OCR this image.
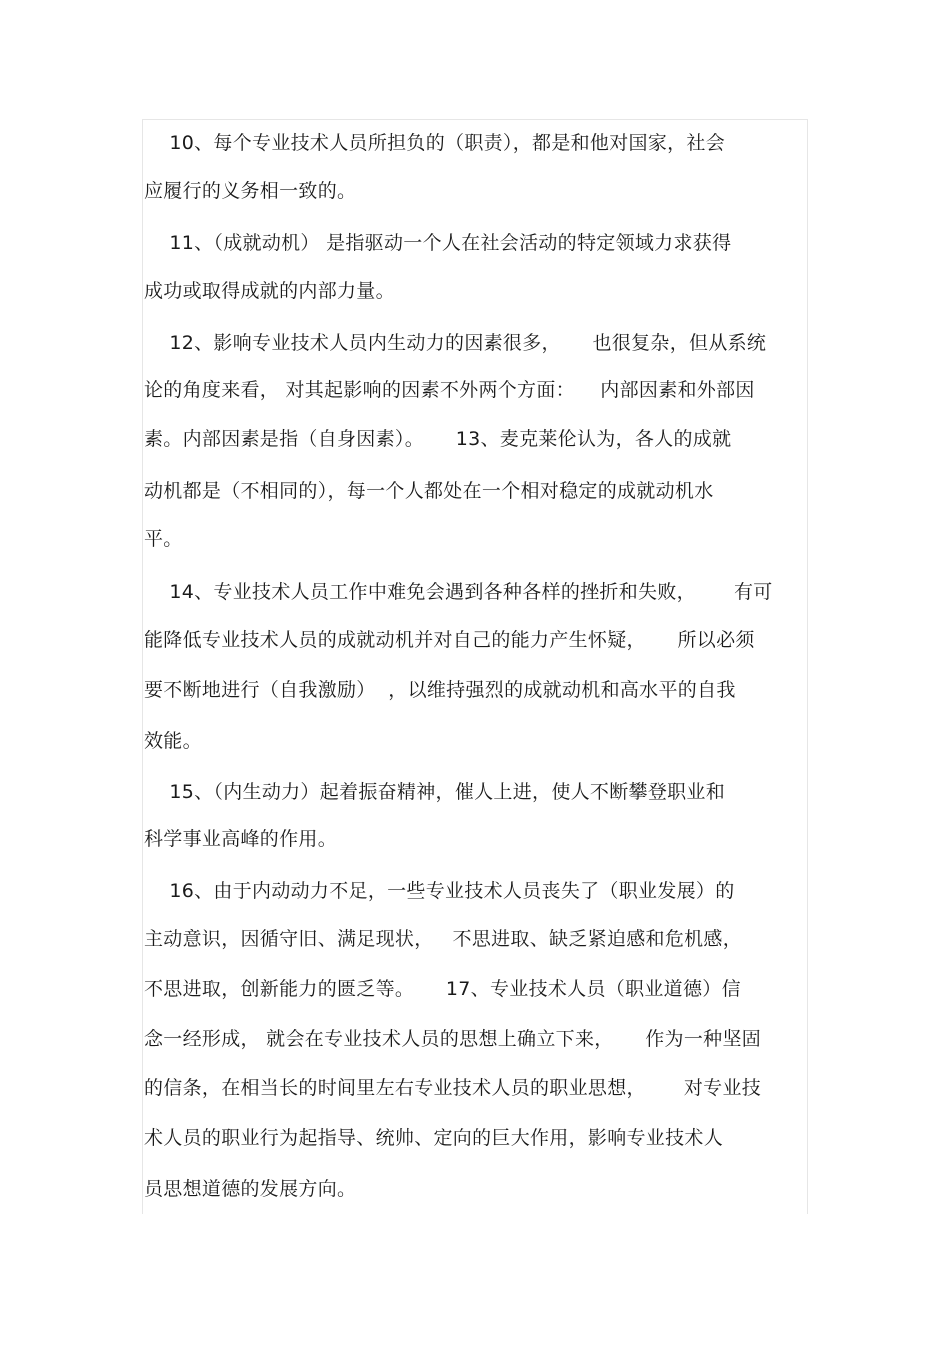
10、每个专业技术人员所担负的（职责），都是和他对国家，社会
应履行的义务相一致的。
11、（成就动机） 是指驱动一个人在社会活动的特定领域力求获得
成功或取得成就的内部力量。
12、影响专业技术人员内生动力的因素很多，     也很复杂，但从系统
论的角度来看， 对其起影响的因素不外两个方面：    内部因素和外部因
素。内部因素是指（自身因素）。     13、麦克莱伦认为，各人的成就
动机都是（不相同的），每一个人都处在一个相对稳定的成就动机水
平。
14、专业技术人员工作中难免会遇到各种各样的挫折和失败，      有可
能降低专业技术人员的成就动机并对自己的能力产生怀疑，     所以必须
要不断地进行（自我激励）  ，以维持强烈的成就动机和高水平的自我
效能。
15、（内生动力）起着振奋精神，催人上进，使人不断攀登职业和
科学事业高峰的作用。
16、由于内动动力不足，一些专业技术人员丧失了（职业发展）的
主动意识，因循守旧、满足现状，   不思进取、缺乏紧迫感和危机感，
不思进取，创新能力的匮乏等。     17、专业技术人员（职业道德）信
念一经形成， 就会在专业技术人员的思想上确立下来，     作为一种坚固
的信条，在相当长的时间里左右专业技术人员的职业思想，      对专业技
术人员的职业行为起指导、统帅、定向的巨大作用，影响专业技术人
员思想道德的发展方向。
